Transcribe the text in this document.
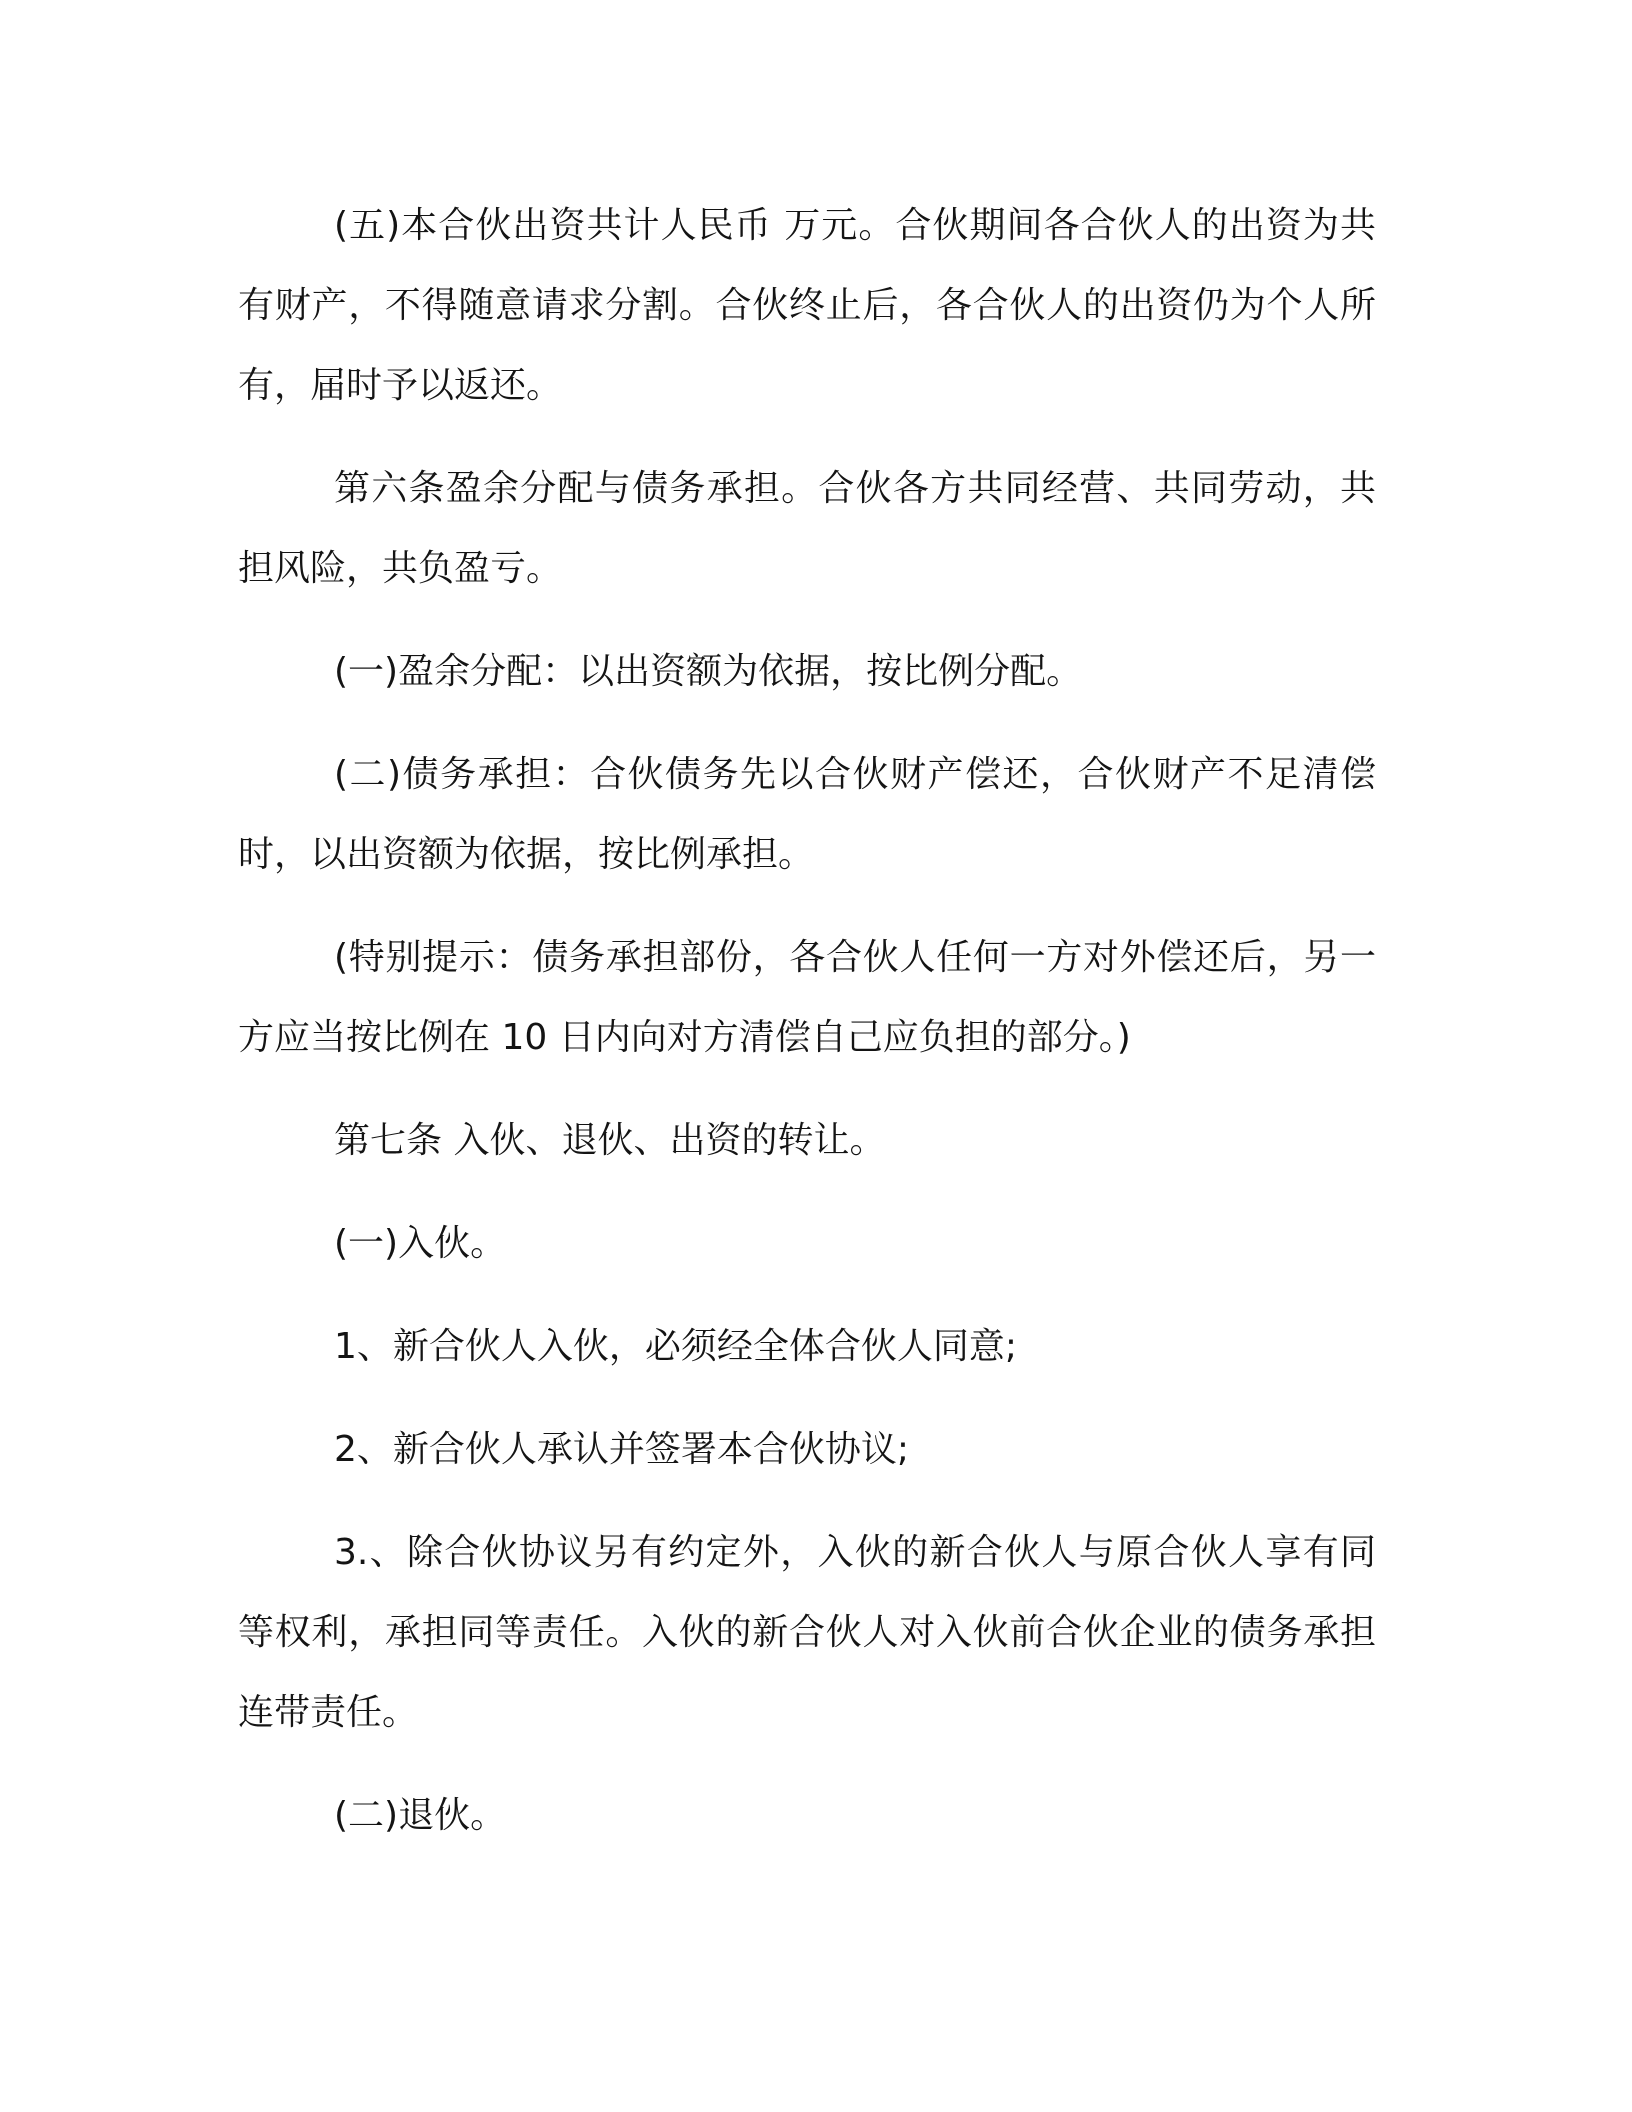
(五)本合伙出资共计人民币 万元。合伙期间各合伙人的出资为共有财产，不得随意请求分割。合伙终止后，各合伙人的出资仍为个人所有，届时予以返还。

第六条盈余分配与债务承担。合伙各方共同经营、共同劳动，共担风险，共负盈亏。

(一)盈余分配：以出资额为依据，按比例分配。

(二)债务承担：合伙债务先以合伙财产偿还，合伙财产不足清偿时，以出资额为依据，按比例承担。

(特别提示：债务承担部份，各合伙人任何一方对外偿还后，另一方应当按比例在 10 日内向对方清偿自己应负担的部分。)

第七条 入伙、退伙、出资的转让。

(一)入伙。

1、新合伙人入伙，必须经全体合伙人同意;

2、新合伙人承认并签署本合伙协议;

3.、除合伙协议另有约定外，入伙的新合伙人与原合伙人享有同等权利，承担同等责任。入伙的新合伙人对入伙前合伙企业的债务承担连带责任。

(二)退伙。
